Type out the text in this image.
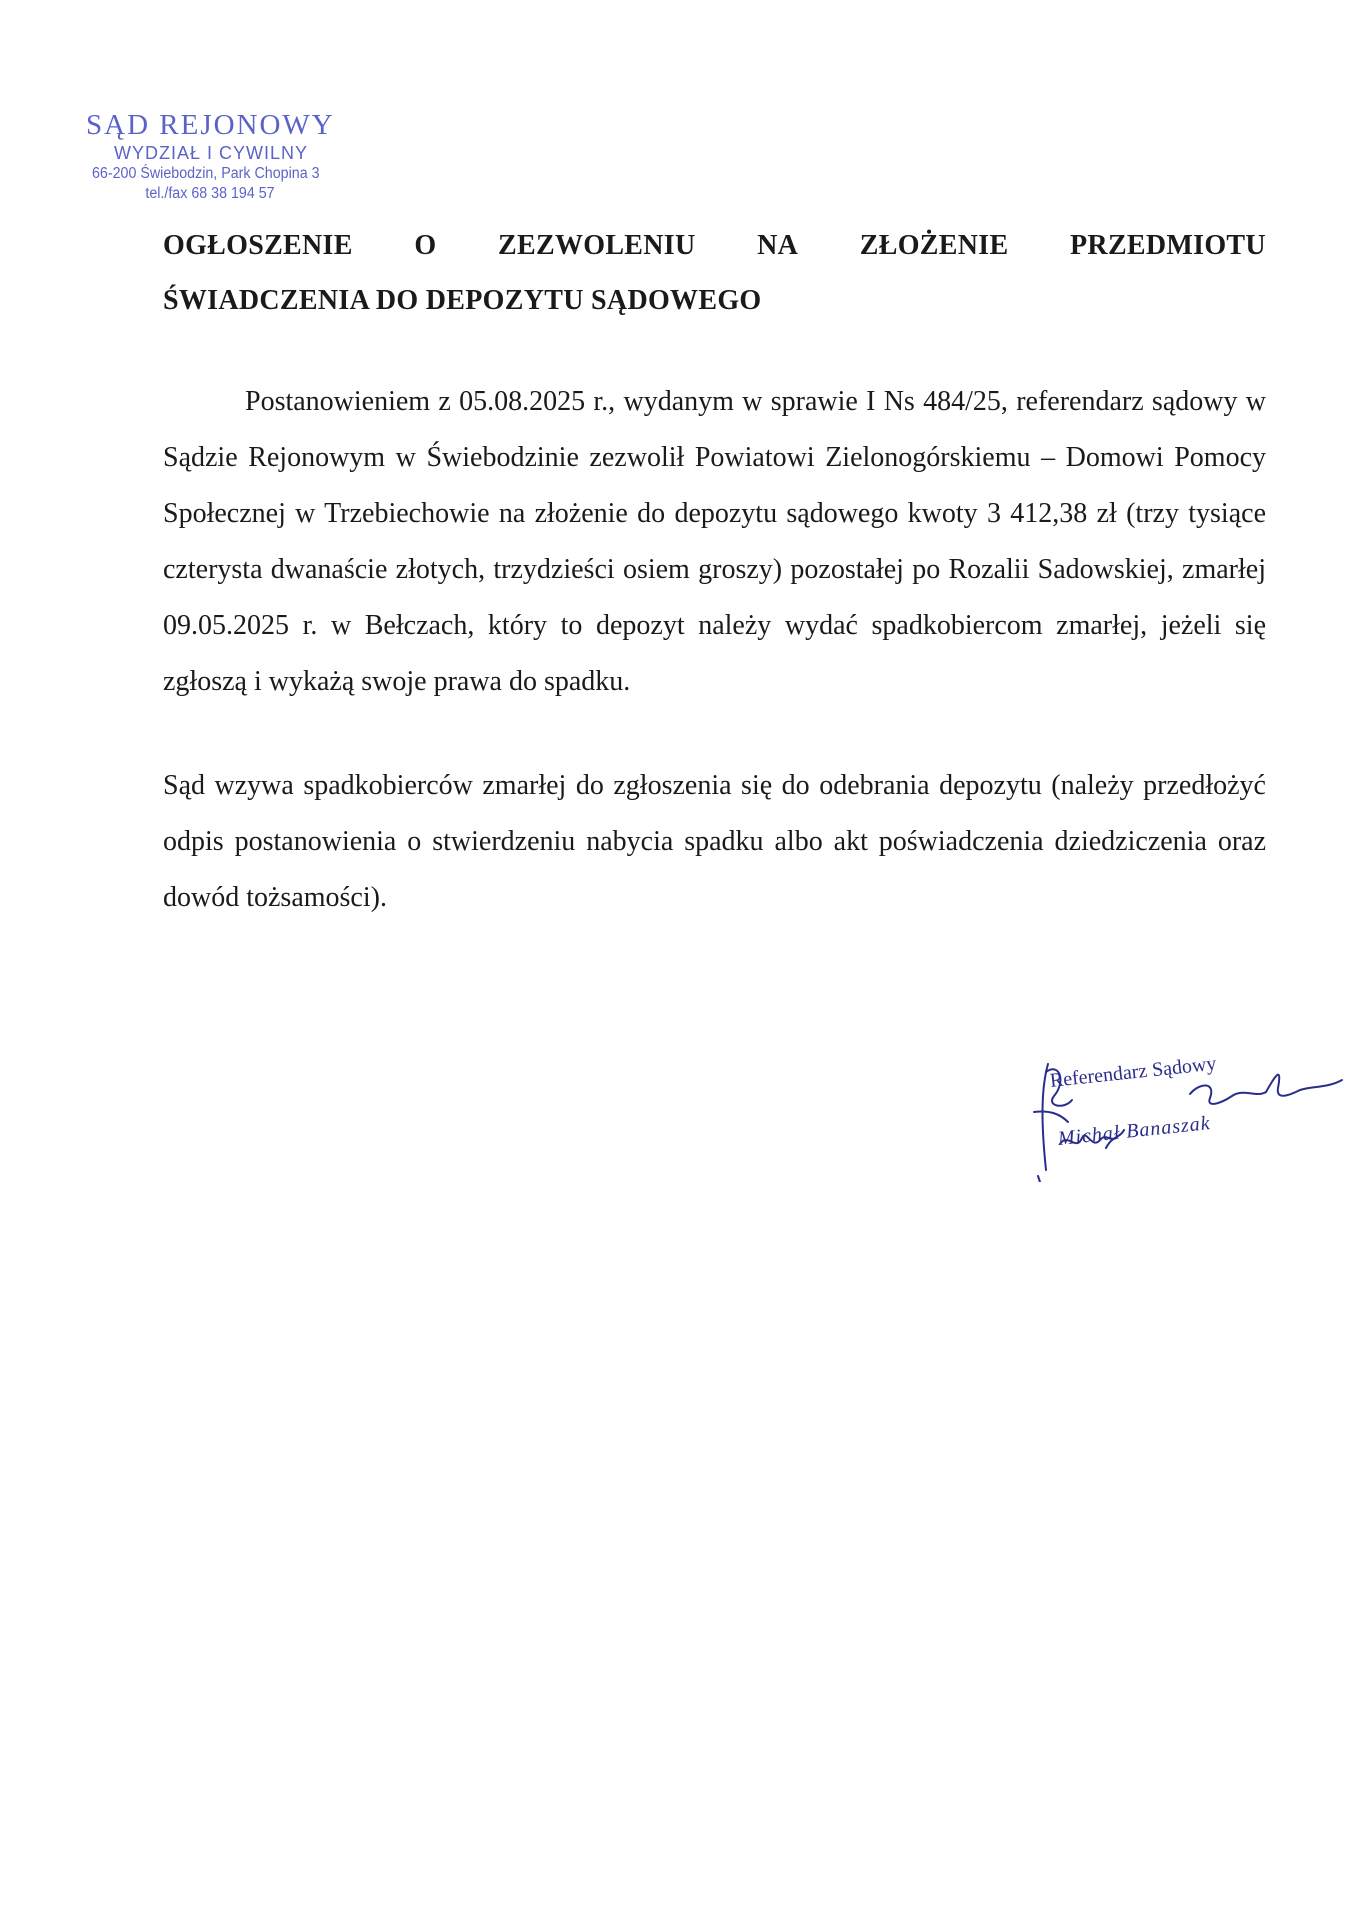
SĄD REJONOWY
WYDZIAŁ I CYWILNY
66-200 Świebodzin, Park Chopina 3
tel./fax 68 38 194 57
OGŁOSZENIE O ZEZWOLENIU NA ZŁOŻENIE PRZEDMIOTU
ŚWIADCZENIA DO DEPOZYTU SĄDOWEGO

Postanowieniem z 05.08.2025 r., wydanym w sprawie I Ns 484/25, referendarz sądowy w Sądzie Rejonowym w Świebodzinie zezwolił Powiatowi Zielonogórskiemu – Domowi Pomocy Społecznej w Trzebiechowie na złożenie do depozytu sądowego kwoty 3 412,38 zł (trzy tysiące czterysta dwanaście złotych, trzydzieści osiem groszy) pozostałej po Rozalii Sadowskiej, zmarłej 09.05.2025 r. w Bełczach, który to depozyt należy wydać spadkobiercom zmarłej, jeżeli się zgłoszą i wykażą swoje prawa do spadku.

Sąd wzywa spadkobierców zmarłej do zgłoszenia się do odebrania depozytu (należy przedłożyć odpis postanowienia o stwierdzeniu nabycia spadku albo akt poświadczenia dziedziczenia oraz dowód tożsamości).

Referendarz Sądowy
Michał Banaszak
